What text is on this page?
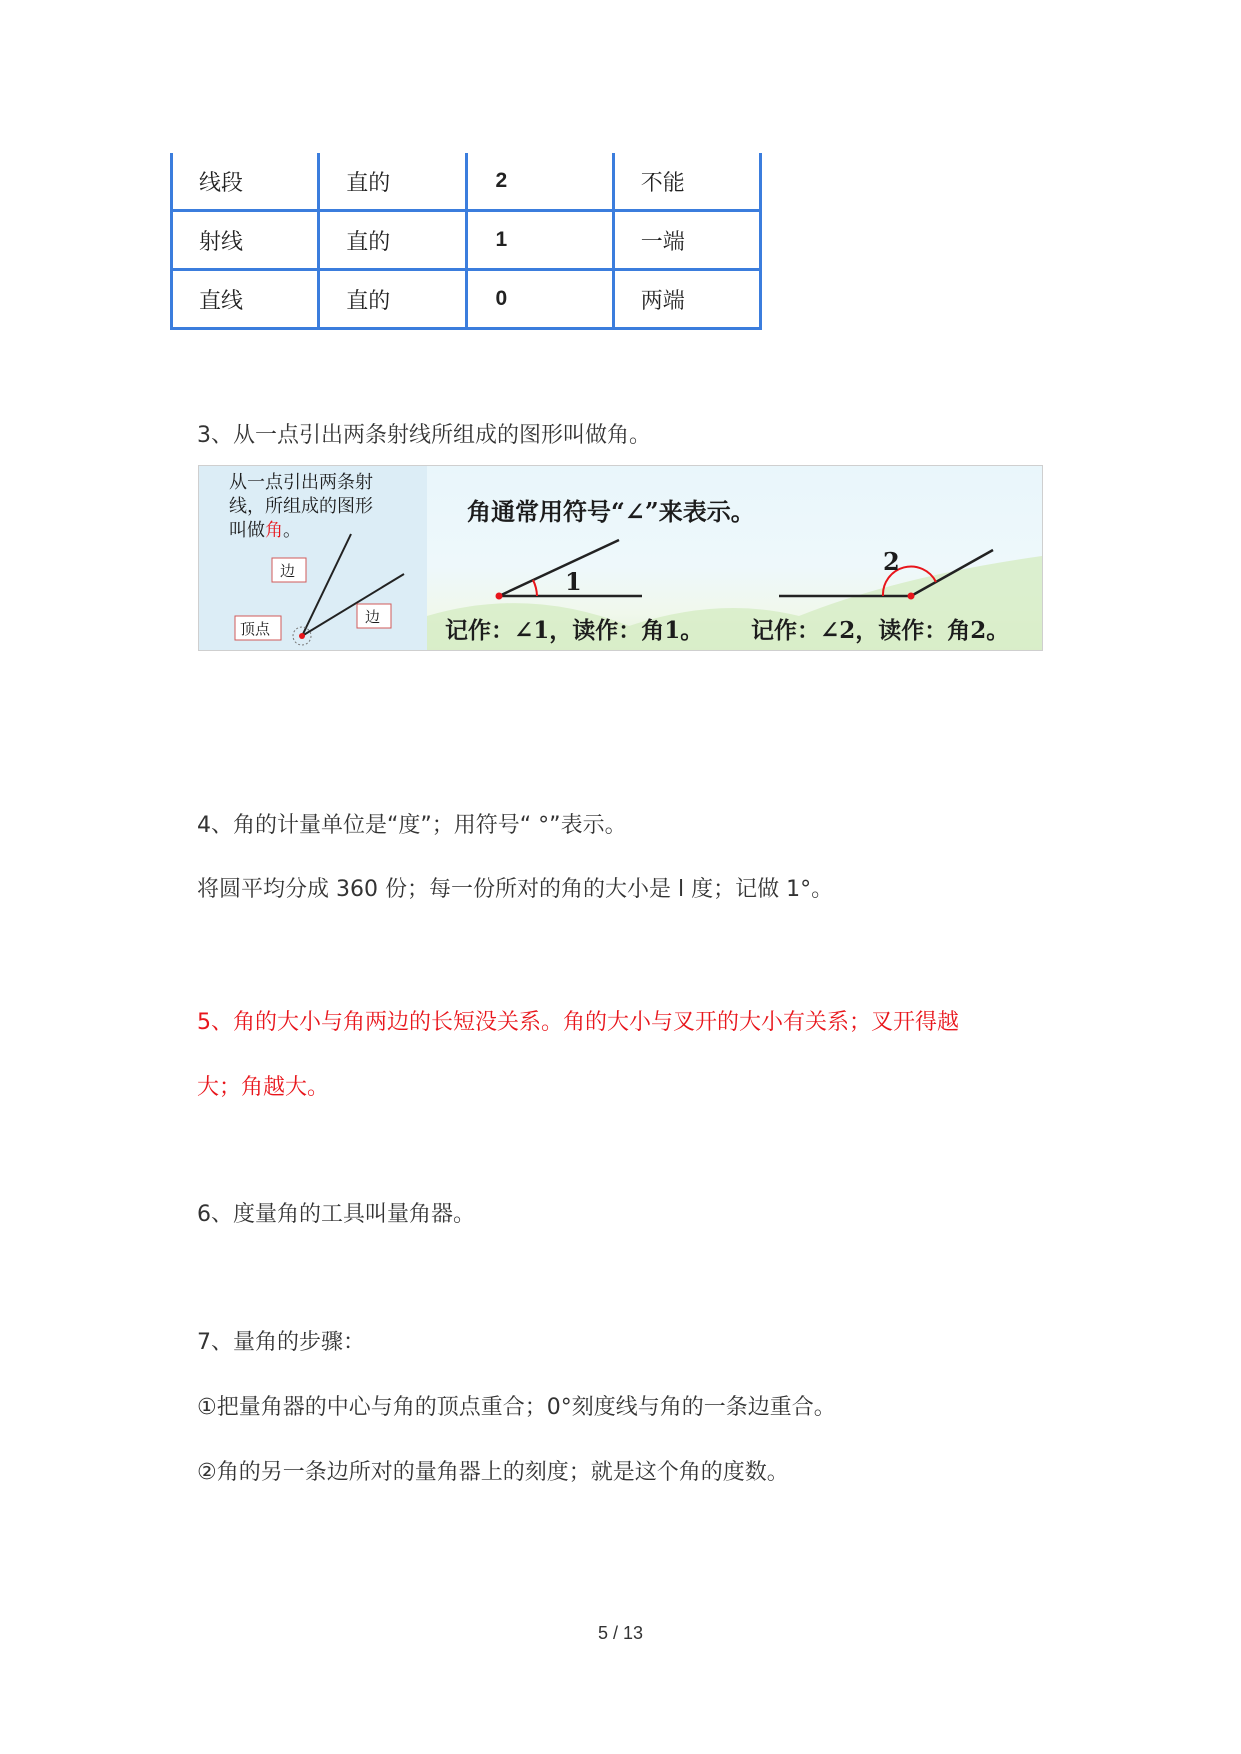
线段	直的	2	不能
射线	直的	1	一端
直线	直的	0	两端
3、从一点引出两条射线所组成的图形叫做角。
从一点引出两条射
线，所组成的图形
叫做角。
边
边
顶点
角通常用符号“∠”来表示。
1
2
记作：∠1，读作：角1。 记作：∠2，读作：角2。
4、角的计量单位是“度”；用符号“ °”表示。
将圆平均分成 360 份；每一份所对的角的大小是 l 度；记做 1°。
5、角的大小与角两边的长短没关系。角的大小与叉开的大小有关系；叉开得越
大；角越大。
6、度量角的工具叫量角器。
7、量角的步骤：
①把量角器的中心与角的顶点重合；0°刻度线与角的一条边重合。
②角的另一条边所对的量角器上的刻度；就是这个角的度数。
5 / 13
